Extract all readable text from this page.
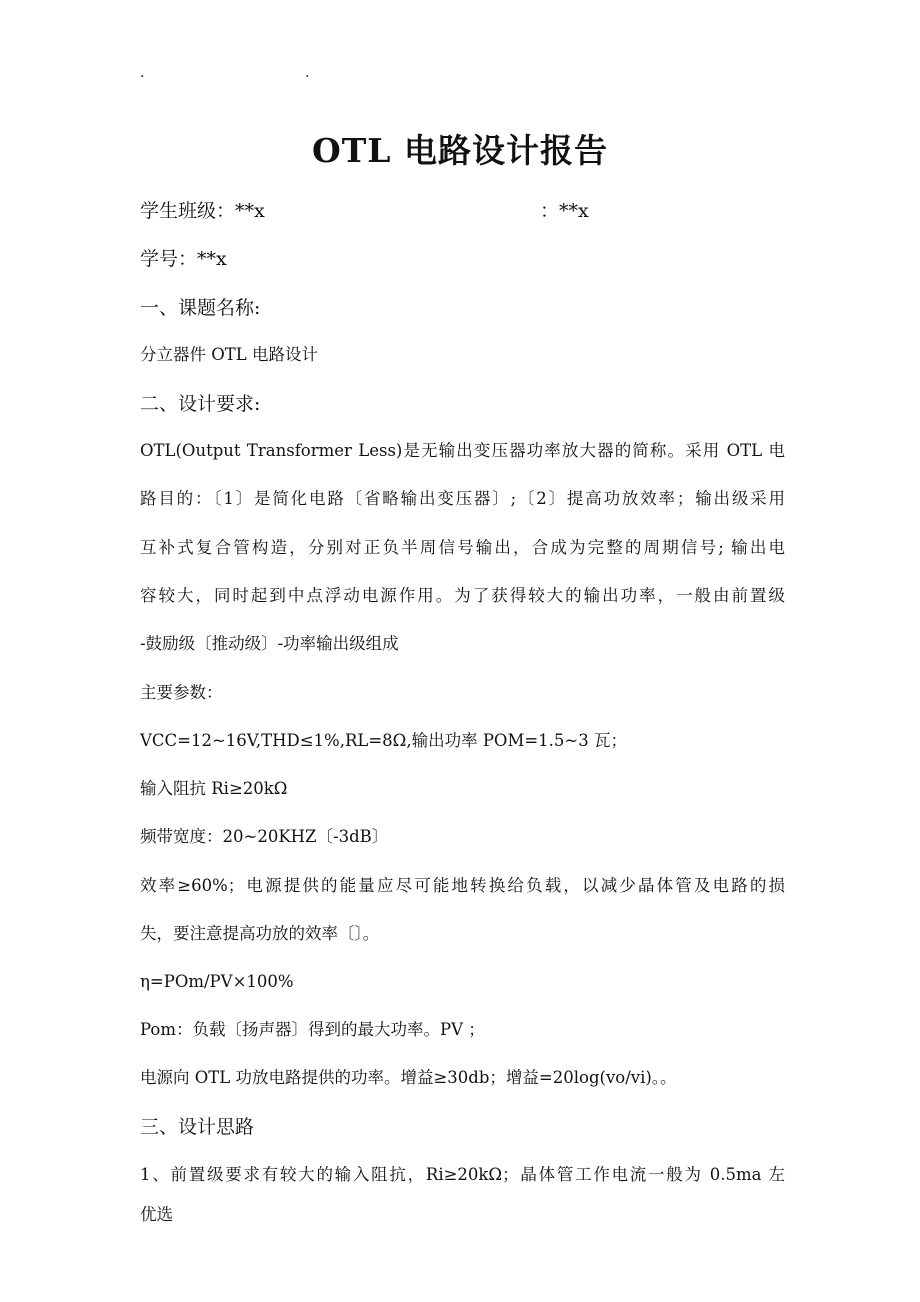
.	.
OTL 电路设计报告
学生班级：**x	：**x
学号：**x
一、课题名称:
分立器件 OTL 电路设计
二、设计要求:
OTL(Output Transformer Less)是无输出变压器功率放大器的简称。采用 OTL 电
路目的：〔1〕是简化电路〔省略输出变压器〕;〔2〕提高功放效率；输出级采用
互补式复合管构造，分别对正负半周信号输出，合成为完整的周期信号; 输出电
容较大，同时起到中点浮动电源作用。为了获得较大的输出功率，一般由前置级
-鼓励级〔推动级〕-功率输出级组成
主要参数：
VCC=12~16V,THD≤1%,RL=8Ω,输出功率 POM=1.5~3 瓦；
输入阻抗 Ri≥20kΩ
频带宽度：20~20KHZ〔-3dB〕
效率≥60%；电源提供的能量应尽可能地转换给负载，以减少晶体管及电路的损
失，要注意提高功放的效率〔〕。
η=POm/PV×100%
Pom：负载〔扬声器〕得到的最大功率。PV ；
电源向 OTL 功放电路提供的功率。增益≥30db；增益=20log(vo/vi)。。
三、设计思路
1、前置级要求有较大的输入阻抗，Ri≥20kΩ；晶体管工作电流一般为 0.5ma 左
优选
